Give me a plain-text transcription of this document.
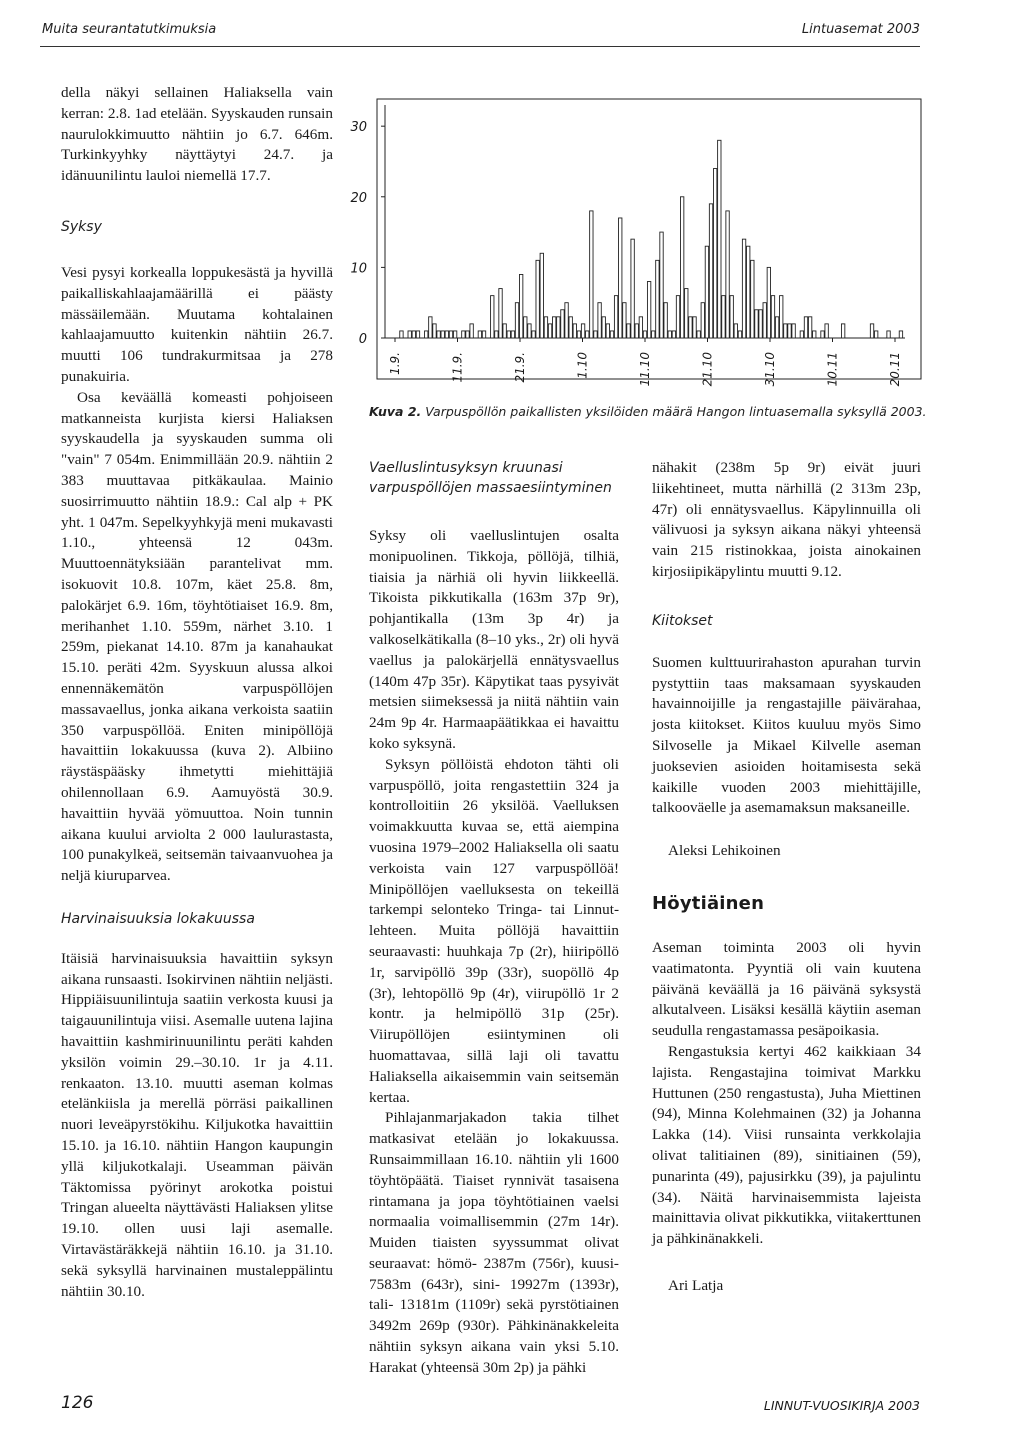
Muita seurantatutkimuksia	Lintuasemat 2003

della näkyi sellainen Haliaksella vain kerran: 2.8. 1ad etelään. Syyskauden runsain naurulokkimuutto nähtiin jo 6.7. 646m. Turkinkyyhky näyttäytyi 24.7. ja idänuunilintu lauloi niemellä 17.7.

Syksy

Vesi pysyi korkealla loppukesästä ja hyvillä paikalliskahlaajamäärillä ei päästy mässäilemään. Muutama kohtalainen kahlaajamuutto kuitenkin nähtiin 26.7. muutti 106 tundrakurmitsaa ja 278 punakuiria.

Osa keväällä komeasti pohjoiseen matkanneista kurjista kiersi Haliaksen syyskaudella ja syyskauden summa oli "vain" 7 054m. Enimmillään 20.9. nähtiin 2 383 muuttavaa pitkäkaulaa. Mainio suosirrimuutto nähtiin 18.9.: Cal alp + PK yht. 1 047m. Sepelkyyhkyjä meni mukavasti 1.10., yhteensä 12 043m. Muuttoennätyksiään parantelivat mm. isokuovit 10.8. 107m, käet 25.8. 8m, palokärjet 6.9. 16m, töyhtötiaiset 16.9. 8m, merihanhet 1.10. 559m, närhet 3.10. 1 259m, piekanat 14.10. 87m ja kanahaukat 15.10. peräti 42m. Syyskuun alussa alkoi ennennäkemätön varpuspöllöjen massavaellus, jonka aikana verkoista saatiin 350 varpuspöllöä. Eniten minipöllöjä havaittiin lokakuussa (kuva 2). Albiino räystäspääsky ihmetytti miehittäjiä ohilennollaan 6.9. Aamuyöstä 30.9. havaittiin hyvää yömuuttoa. Noin tunnin aikana kuului arviolta 2 000 laulurastasta, 100 punakylkeä, seitsemän taivaanvuohea ja neljä kiuruparvea.

Harvinaisuuksia lokakuussa

Itäisiä harvinaisuuksia havaittiin syksyn aikana runsaasti. Isokirvinen nähtiin neljästi. Hippiäisuunilintuja saatiin verkosta kuusi ja taigauunilintuja viisi. Asemalle uutena lajina havaittiin kashmirinuunilintu peräti kahden yksilön voimin 29.–30.10. 1r ja 4.11. renkaaton. 13.10. muutti aseman kolmas etelänkiisla ja merellä pörräsi paikallinen nuori leveäpyrstökihu. Kiljukotka havaittiin 15.10. ja 16.10. nähtiin Hangon kaupungin yllä kiljukotkalaji. Useamman päivän Täktomissa pyörinyt arokotka poistui Tringan alueelta näyttävästi Haliaksen ylitse 19.10. ollen uusi laji asemalle. Virtavästäräkkejä nähtiin 16.10. ja 31.10. sekä syksyllä harvinainen mustaleppälintu nähtiin 30.10.

0
10
20
30
1.9.	11.9.	21.9.	1.10	11.10	21.10	31.10	10.11	20.11
Kuva 2. Varpuspöllön paikallisten yksilöiden määrä Hangon lintuasemalla syksyllä 2003.

Vaelluslintusyksyn kruunasi varpuspöllöjen massaesiintyminen

Syksy oli vaelluslintujen osalta monipuolinen. Tikkoja, pöllöjä, tilhiä, tiaisia ja närhiä oli hyvin liikkeellä. Tikoista pikkutikalla (163m 37p 9r), pohjantikalla (13m 3p 4r) ja valkoselkätikalla (8–10 yks., 2r) oli hyvä vaellus ja palokärjellä ennätysvaellus (140m 47p 35r). Käpytikat taas pysyivät metsien siimeksessä ja niitä nähtiin vain 24m 9p 4r. Harmaapäätikkaa ei havaittu koko syksynä.

Syksyn pöllöistä ehdoton tähti oli varpuspöllö, joita rengastettiin 324 ja kontrolloitiin 26 yksilöä. Vaelluksen voimakkuutta kuvaa se, että aiempina vuosina 1979–2002 Haliaksella oli saatu verkoista vain 127 varpuspöllöä! Minipöllöjen vaelluksesta on tekeillä tarkempi selonteko Tringa- tai Linnut-lehteen. Muita pöllöjä havaittiin seuraavasti: huuhkaja 7p (2r), hiiripöllö 1r, sarvipöllö 39p (33r), suopöllö 4p (3r), lehtopöllö 9p (4r), viirupöllö 1r 2 kontr. ja helmipöllö 31p (25r). Viirupöllöjen esiintyminen oli huomattavaa, sillä laji oli tavattu Haliaksella aikaisemmin vain seitsemän kertaa.

Pihlajanmarjakadon takia tilhet matkasivat etelään jo lokakuussa. Runsaimmillaan 16.10. nähtiin yli 1600 töyhtöpäätä. Tiaiset rynnivät tasaisena rintamana ja jopa töyhtötiainen vaelsi normaalia voimallisemmin (27m 14r). Muiden tiaisten syyssummat olivat seuraavat: hömö- 2387m (756r), kuusi- 7583m (643r), sini- 19927m (1393r), tali- 13181m (1109r) sekä pyrstötiainen 3492m 269p (930r). Pähkinänakkeleita nähtiin syksyn aikana vain yksi 5.10. Harakat (yhteensä 30m 2p) ja pähki

nähakit (238m 5p 9r) eivät juuri liikehtineet, mutta närhillä (2 313m 23p, 47r) oli ennätysvaellus. Käpylinnuilla oli välivuosi ja syksyn aikana näkyi yhteensä vain 215 ristinokkaa, joista ainokainen kirjosiipikäpylintu muutti 9.12.

Kiitokset

Suomen kulttuurirahaston apurahan turvin pystyttiin taas maksamaan syyskauden havainnoijille ja rengastajille päivärahaa, josta kiitokset. Kiitos kuuluu myös Simo Silvoselle ja Mikael Kilvelle aseman juoksevien asioiden hoitamisesta sekä kaikille vuoden 2003 miehittäjille, talkooväelle ja asemamaksun maksaneille.

Aleksi Lehikoinen

Höytiäinen

Aseman toiminta 2003 oli hyvin vaatimatonta. Pyyntiä oli vain kuutena päivänä keväällä ja 16 päivänä syksystä alkutalveen. Lisäksi kesällä käytiin aseman seudulla rengastamassa pesäpoikasia.

Rengastuksia kertyi 462 kaikkiaan 34 lajista. Rengastajina toimivat Markku Huttunen (250 rengastusta), Juha Miettinen (94), Minna Kolehmainen (32) ja Johanna Lakka (14). Viisi runsainta verkkolajia olivat talitiainen (89), sinitiainen (59), punarinta (49), pajusirkku (39), ja pajulintu (34). Näitä harvinaisemmista lajeista mainittavia olivat pikkutikka, viitakerttunen ja pähkinänakkeli.

Ari Latja

126	LINNUT-VUOSIKIRJA 2003
